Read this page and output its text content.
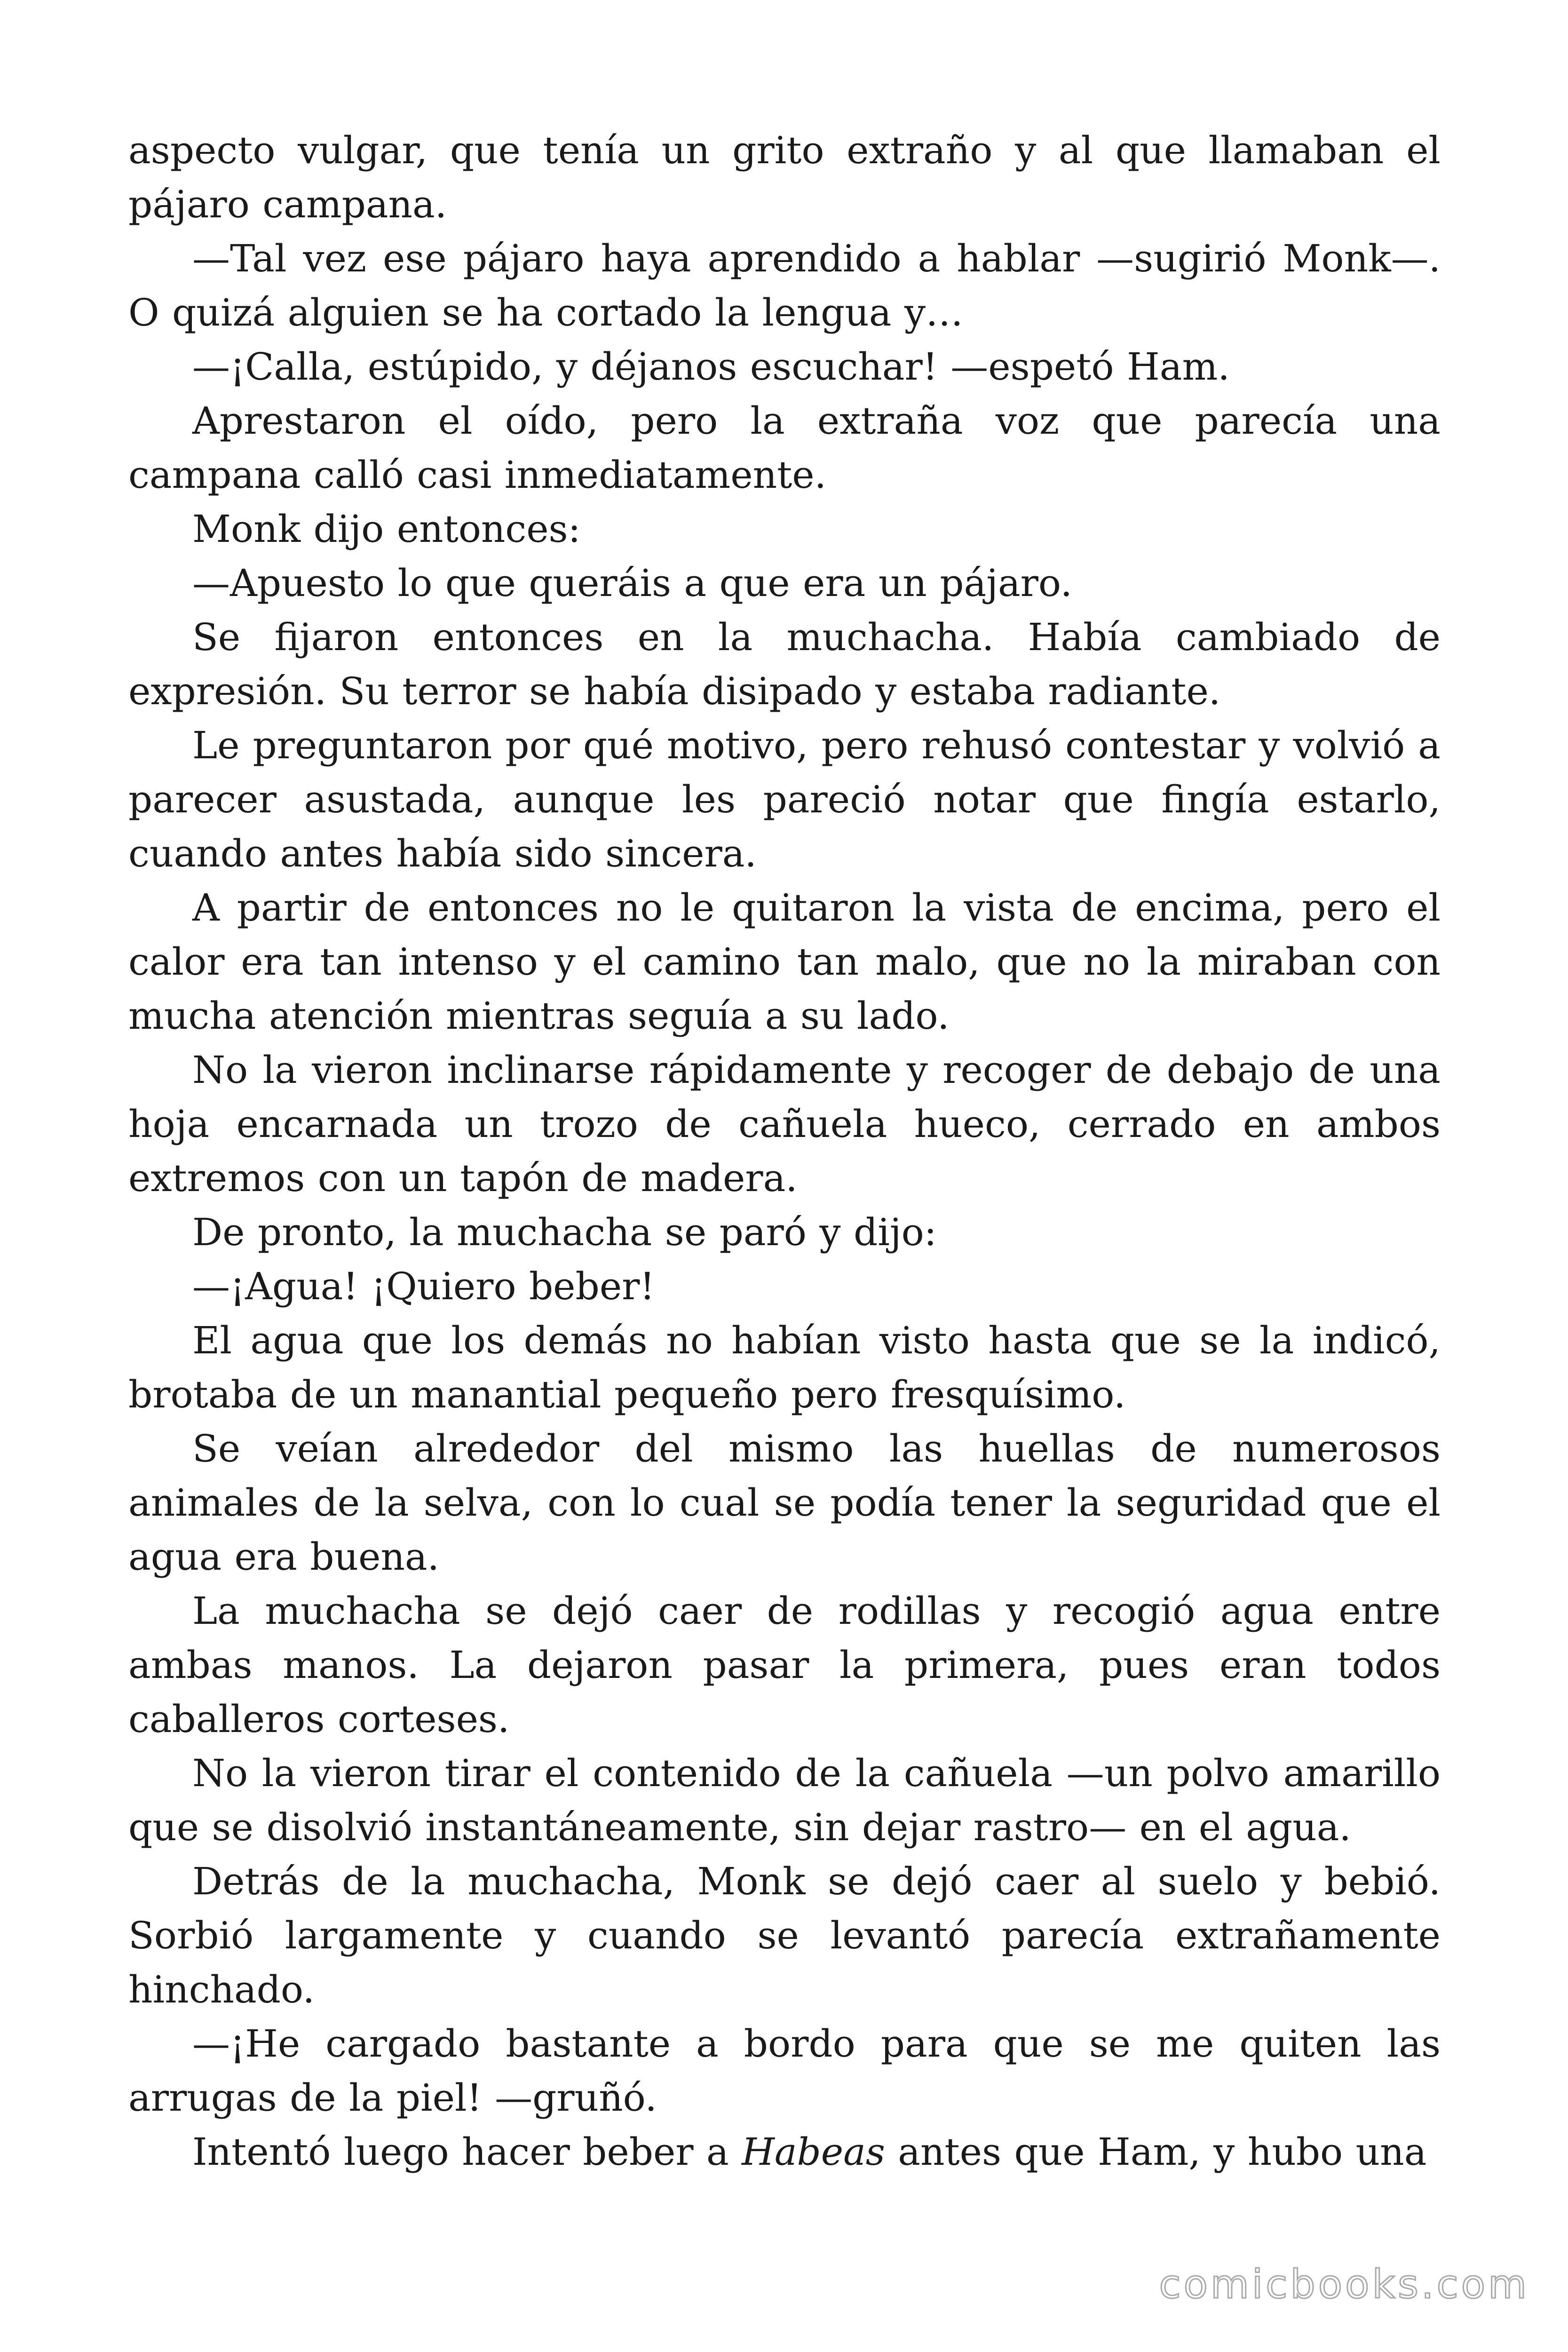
aspecto vulgar, que tenía un grito extraño y al que llamaban el pájaro campana.

—Tal vez ese pájaro haya aprendido a hablar —sugirió Monk—. O quizá alguien se ha cortado la lengua y…

—¡Calla, estúpido, y déjanos escuchar! —espetó Ham.

Aprestaron el oído, pero la extraña voz que parecía una campana calló casi inmediatamente.

Monk dijo entonces:

—Apuesto lo que queráis a que era un pájaro.

Se fijaron entonces en la muchacha. Había cambiado de expresión. Su terror se había disipado y estaba radiante.

Le preguntaron por qué motivo, pero rehusó contestar y volvió a parecer asustada, aunque les pareció notar que fingía estarlo, cuando antes había sido sincera.

A partir de entonces no le quitaron la vista de encima, pero el calor era tan intenso y el camino tan malo, que no la miraban con mucha atención mientras seguía a su lado.

No la vieron inclinarse rápidamente y recoger de debajo de una hoja encarnada un trozo de cañuela hueco, cerrado en ambos extremos con un tapón de madera.

De pronto, la muchacha se paró y dijo:

—¡Agua! ¡Quiero beber!

El agua que los demás no habían visto hasta que se la indicó, brotaba de un manantial pequeño pero fresquísimo.

Se veían alrededor del mismo las huellas de numerosos animales de la selva, con lo cual se podía tener la seguridad que el agua era buena.

La muchacha se dejó caer de rodillas y recogió agua entre ambas manos. La dejaron pasar la primera, pues eran todos caballeros corteses.

No la vieron tirar el contenido de la cañuela —un polvo amarillo que se disolvió instantáneamente, sin dejar rastro— en el agua.

Detrás de la muchacha, Monk se dejó caer al suelo y bebió. Sorbió largamente y cuando se levantó parecía extrañamente hinchado.

—¡He cargado bastante a bordo para que se me quiten las arrugas de la piel! —gruñó.

Intentó luego hacer beber a Habeas antes que Ham, y hubo una

comicbooks.com
